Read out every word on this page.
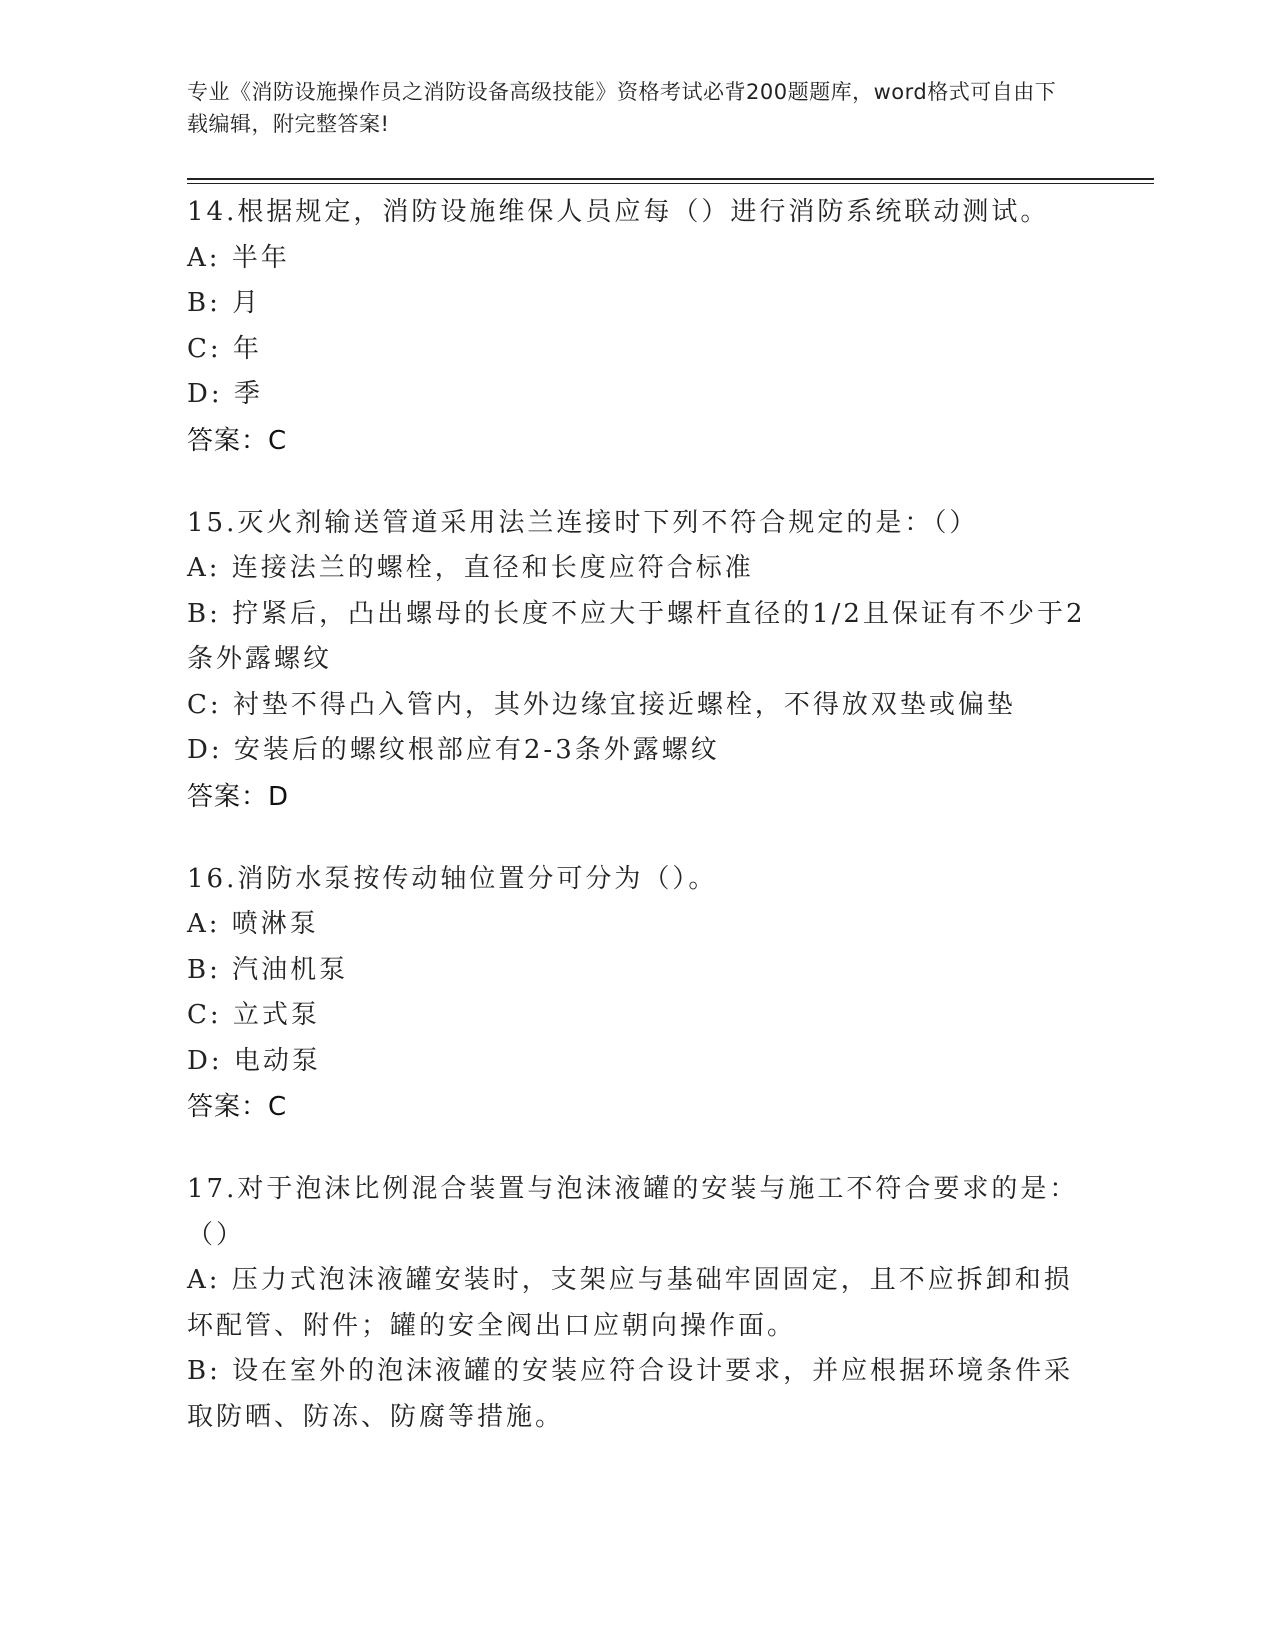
专业《消防设施操作员之消防设备高级技能》资格考试必背200题题库，word格式可自由下载编辑，附完整答案!
14.根据规定，消防设施维保人员应每（）进行消防系统联动测试。
A: 半年
B: 月
C: 年
D: 季
答案：C
15.灭火剂输送管道采用法兰连接时下列不符合规定的是：（）
A: 连接法兰的螺栓，直径和长度应符合标准
B: 拧紧后，凸出螺母的长度不应大于螺杆直径的1/2且保证有不少于2条外露螺纹
C: 衬垫不得凸入管内，其外边缘宜接近螺栓，不得放双垫或偏垫
D: 安装后的螺纹根部应有2-3条外露螺纹
答案：D
16.消防水泵按传动轴位置分可分为（）。
A: 喷淋泵
B: 汽油机泵
C: 立式泵
D: 电动泵
答案：C
17.对于泡沫比例混合装置与泡沫液罐的安装与施工不符合要求的是：（）
A: 压力式泡沫液罐安装时，支架应与基础牢固固定，且不应拆卸和损坏配管、附件；罐的安全阀出口应朝向操作面。
B: 设在室外的泡沫液罐的安装应符合设计要求，并应根据环境条件采取防晒、防冻、防腐等措施。
